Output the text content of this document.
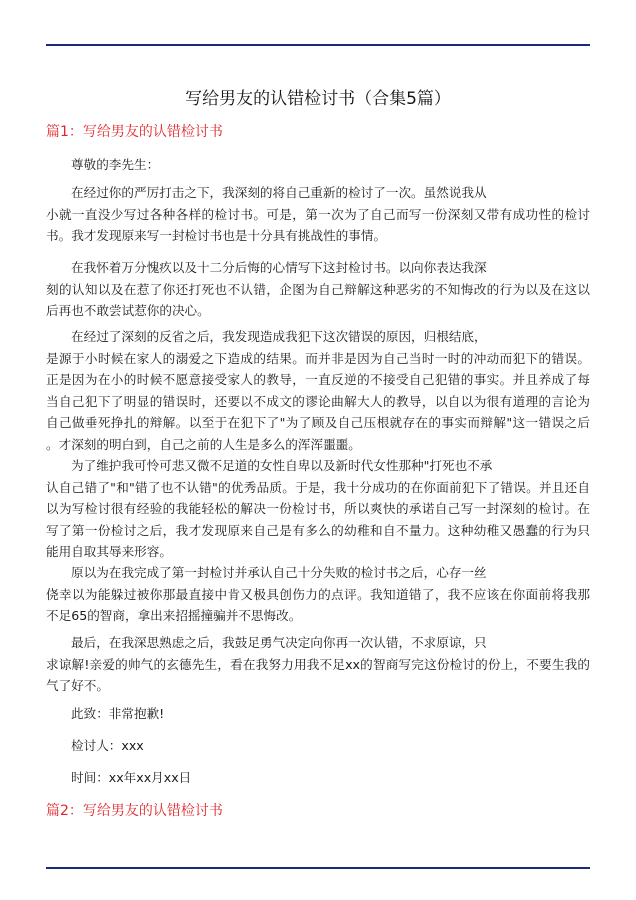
写给男友的认错检讨书（合集5篇）
篇1：写给男友的认错检讨书
尊敬的李先生：
在经过你的严厉打击之下，我深刻的将自己重新的检讨了一次。虽然说我从
小就一直没少写过各种各样的检讨书。可是，第一次为了自己而写一份深刻又带有成功性的检讨
书。我才发现原来写一封检讨书也是十分具有挑战性的事情。
在我怀着万分愧疚以及十二分后悔的心情写下这封检讨书。以向你表达我深
刻的认知以及在惹了你还打死也不认错，企图为自己辩解这种恶劣的不知悔改的行为以及在这以
后再也不敢尝试惹你的决心。
在经过了深刻的反省之后，我发现造成我犯下这次错误的原因，归根结底，
是源于小时候在家人的溺爱之下造成的结果。而并非是因为自己当时一时的冲动而犯下的错误。
正是因为在小的时候不愿意接受家人的教导，一直反逆的不接受自己犯错的事实。并且养成了每
当自己犯下了明显的错误时，还要以不成文的谬论曲解大人的教导，以自以为很有道理的言论为
自己做垂死挣扎的辩解。以至于在犯下了"为了顾及自己压根就存在的事实而辩解"这一错误之后
。才深刻的明白到，自己之前的人生是多么的浑浑噩噩。
为了维护我可怜可悲又微不足道的女性自卑以及新时代女性那种"打死也不承
认自己错了"和"错了也不认错"的优秀品质。于是，我十分成功的在你面前犯下了错误。并且还自
以为写检讨很有经验的我能轻松的解决一份检讨书，所以爽快的承诺自己写一封深刻的检讨。在
写了第一份检讨之后，我才发现原来自己是有多么的幼稚和自不量力。这种幼稚又愚蠢的行为只
能用自取其辱来形容。
原以为在我完成了第一封检讨并承认自己十分失败的检讨书之后，心存一丝
侥幸以为能躲过被你那最直接中肯又极具创伤力的点评。我知道错了，我不应该在你面前将我那
不足65的智商，拿出来招摇撞骗并不思悔改。
最后，在我深思熟虑之后，我鼓足勇气决定向你再一次认错，不求原谅，只
求谅解!亲爱的帅气的玄德先生，看在我努力用我不足xx的智商写完这份检讨的份上，不要生我的
气了好不。
此致：非常抱歉!
检讨人：xxx
时间：xx年xx月xx日
篇2：写给男友的认错检讨书
